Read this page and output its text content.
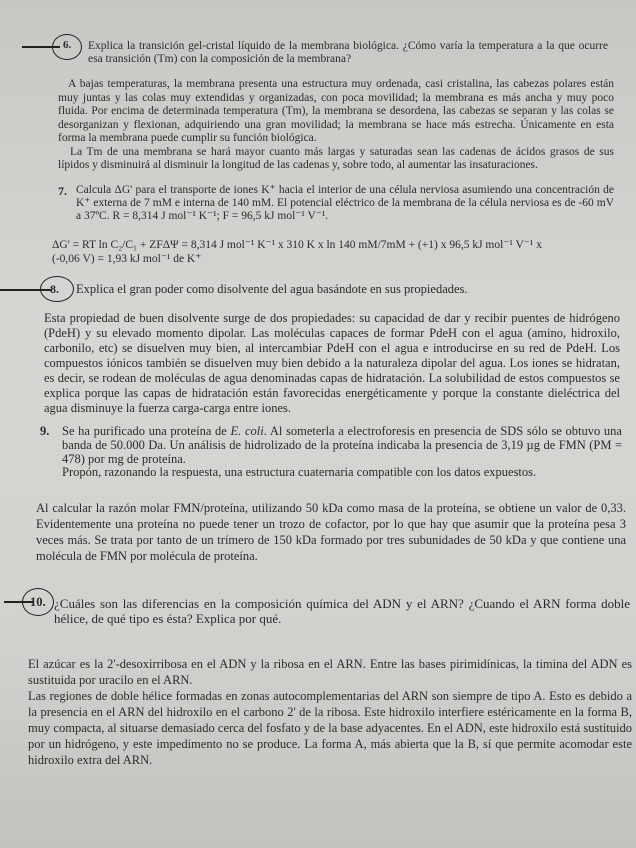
6. Explica la transición gel-cristal líquido de la membrana biológica. ¿Cómo varía la temperatura a la que ocurre esa transición (Tm) con la composición de la membrana?

A bajas temperaturas, la membrana presenta una estructura muy ordenada, casi cristalina, las cabezas polares están muy juntas y las colas muy extendidas y organizadas, con poca movilidad; la membrana es más ancha y muy poco fluida. Por encima de determinada temperatura (Tm), la membrana se desordena, las cabezas se separan y las colas se desorganizan y flexionan, adquiriendo una gran movilidad; la membrana se hace más estrecha. Únicamente en esta forma la membrana puede cumplir su función biológica.

La Tm de una membrana se hará mayor cuanto más largas y saturadas sean las cadenas de ácidos grasos de sus lípidos y disminuirá al disminuir la longitud de las cadenas y, sobre todo, al aumentar las insaturaciones.

7. Calcula ΔG' para el transporte de iones K⁺ hacia el interior de una célula nerviosa asumiendo una concentración de K⁺ externa de 7 mM e interna de 140 mM. El potencial eléctrico de la membrana de la célula nerviosa es de -60 mV a 37ºC. R = 8,314 J mol⁻¹ K⁻¹; F = 96,5 kJ mol⁻¹ V⁻¹.
ΔG' = RT ln C₂/C₁ + ZFΔΨ = 8,314 J mol⁻¹ K⁻¹ x 310 K x ln 140 mM/7mM + (+1) x 96,5 kJ mol⁻¹ V⁻¹ x
(-0,06 V) = 1,93 kJ mol⁻¹ de K⁺
8. Explica el gran poder como disolvente del agua basándote en sus propiedades.

Esta propiedad de buen disolvente surge de dos propiedades: su capacidad de dar y recibir puentes de hidrógeno (PdeH) y su elevado momento dipolar. Las moléculas capaces de formar PdeH con el agua (amino, hidroxilo, carbonilo, etc) se disuelven muy bien, al intercambiar PdeH con el agua e introducirse en su red de PdeH. Los compuestos iónicos también se disuelven muy bien debido a la naturaleza dipolar del agua. Los iones se hidratan, es decir, se rodean de moléculas de agua denominadas capas de hidratación. La solubilidad de estos compuestos se explica porque las capas de hidratación están favorecidas energéticamente y porque la constante dieléctrica del agua disminuye la fuerza carga-carga entre iones.

9. Se ha purificado una proteína de E. coli. Al someterla a electroforesis en presencia de SDS sólo se obtuvo una banda de 50.000 Da. Un análisis de hidrolizado de la proteína indicaba la presencia de 3,19 µg de FMN (PM = 478) por mg de proteína.
Propón, razonando la respuesta, una estructura cuaternaria compatible con los datos expuestos.

Al calcular la razón molar FMN/proteína, utilizando 50 kDa como masa de la proteína, se obtiene un valor de 0,33. Evidentemente una proteína no puede tener un trozo de cofactor, por lo que hay que asumir que la proteína pesa 3 veces más. Se trata por tanto de un trímero de 150 kDa formado por tres subunidades de 50 kDa y que contiene una molécula de FMN por molécula de proteína.

10. ¿Cuáles son las diferencias en la composición química del ADN y el ARN? ¿Cuando el ARN forma doble hélice, de qué tipo es ésta? Explica por qué.

El azúcar es la 2'-desoxirribosa en el ADN y la ribosa en el ARN. Entre las bases pirimidínicas, la timina del ADN es sustituida por uracilo en el ARN.

Las regiones de doble hélice formadas en zonas autocomplementarias del ARN son siempre de tipo A. Esto es debido a la presencia en el ARN del hidroxilo en el carbono 2' de la ribosa. Este hidroxilo interfiere estéricamente en la forma B, muy compacta, al situarse demasiado cerca del fosfato y de la base adyacentes. En el ADN, este hidroxilo está sustituido por un hidrógeno, y este impedimento no se produce. La forma A, más abierta que la B, sí que permite acomodar este hidroxilo extra del ARN.
